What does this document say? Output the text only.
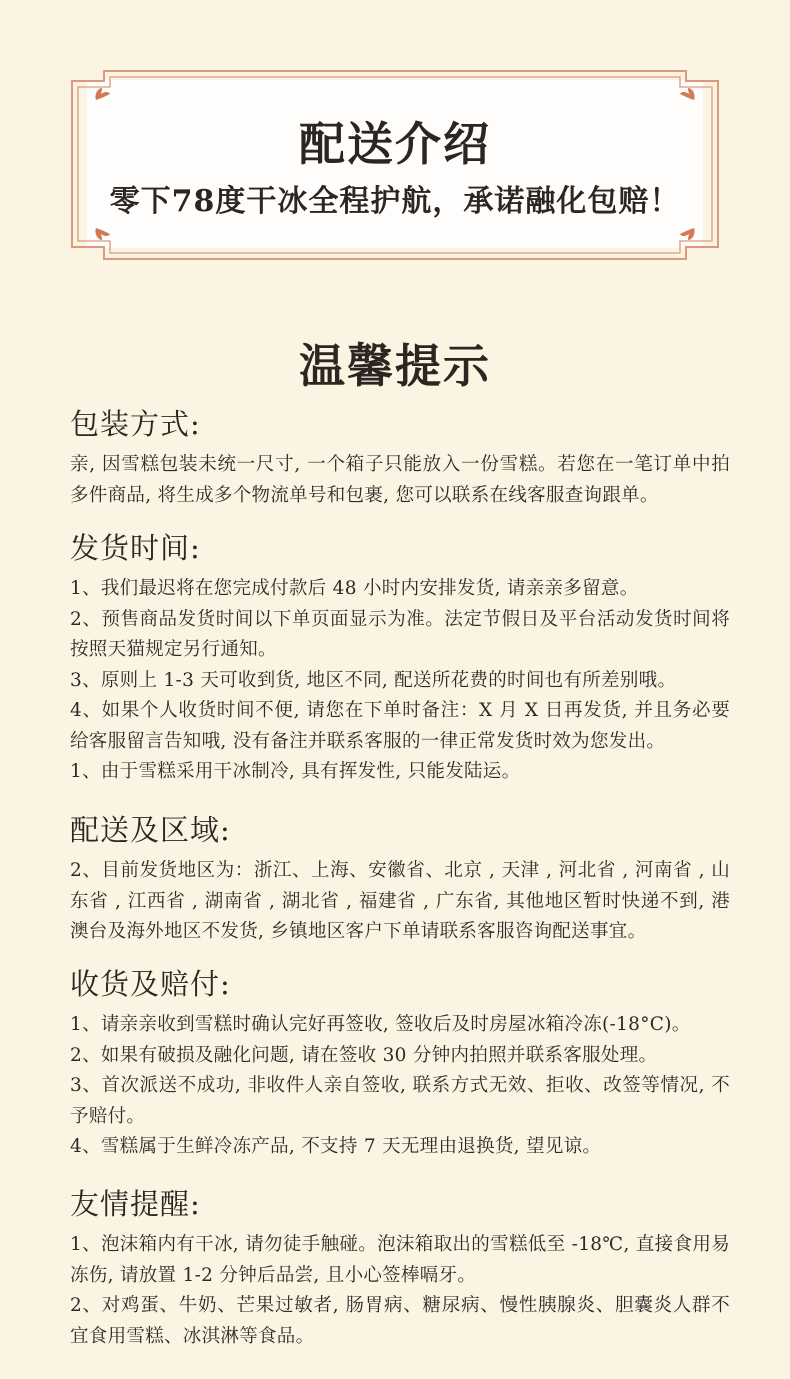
配送介绍
零下78度干冰全程护航，承诺融化包赔！
温馨提示
包装方式:

亲, 因雪糕包装未统一尺寸, 一个箱子只能放入一份雪糕。若您在一笔订单中拍多件商品, 将生成多个物流单号和包裹, 您可以联系在线客服查询跟单。

发货时间:

1、我们最迟将在您完成付款后 48 小时内安排发货, 请亲亲多留意。

2、预售商品发货时间以下单页面显示为准。法定节假日及平台活动发货时间将按照天猫规定另行通知。

3、原则上 1-3 天可收到货, 地区不同, 配送所花费的时间也有所差别哦。

4、如果个人收货时间不便, 请您在下单时备注：X 月 X 日再发货, 并且务必要给客服留言告知哦, 没有备注并联系客服的一律正常发货时效为您发出。

1、由于雪糕采用干冰制冷, 具有挥发性, 只能发陆运。

配送及区域:

2、目前发货地区为：浙江、上海、安徽省、北京 , 天津 , 河北省 , 河南省 , 山东省 , 江西省 , 湖南省 , 湖北省 , 福建省 , 广东省, 其他地区暂时快递不到, 港澳台及海外地区不发货, 乡镇地区客户下单请联系客服咨询配送事宜。

收货及赔付:

1、请亲亲收到雪糕时确认完好再签收, 签收后及时房屋冰箱冷冻(-18°C)。

2、如果有破损及融化问题, 请在签收 30 分钟内拍照并联系客服处理。

3、首次派送不成功, 非收件人亲自签收, 联系方式无效、拒收、改签等情况, 不予赔付。

4、雪糕属于生鲜冷冻产品, 不支持 7 天无理由退换货, 望见谅。

友情提醒:

1、泡沫箱内有干冰, 请勿徒手触碰。泡沫箱取出的雪糕低至 -18℃, 直接食用易冻伤, 请放置 1-2 分钟后品尝, 且小心签棒嗝牙。

2、对鸡蛋、牛奶、芒果过敏者, 肠胃病、糖尿病、慢性胰腺炎、胆囊炎人群不宜食用雪糕、冰淇淋等食品。
